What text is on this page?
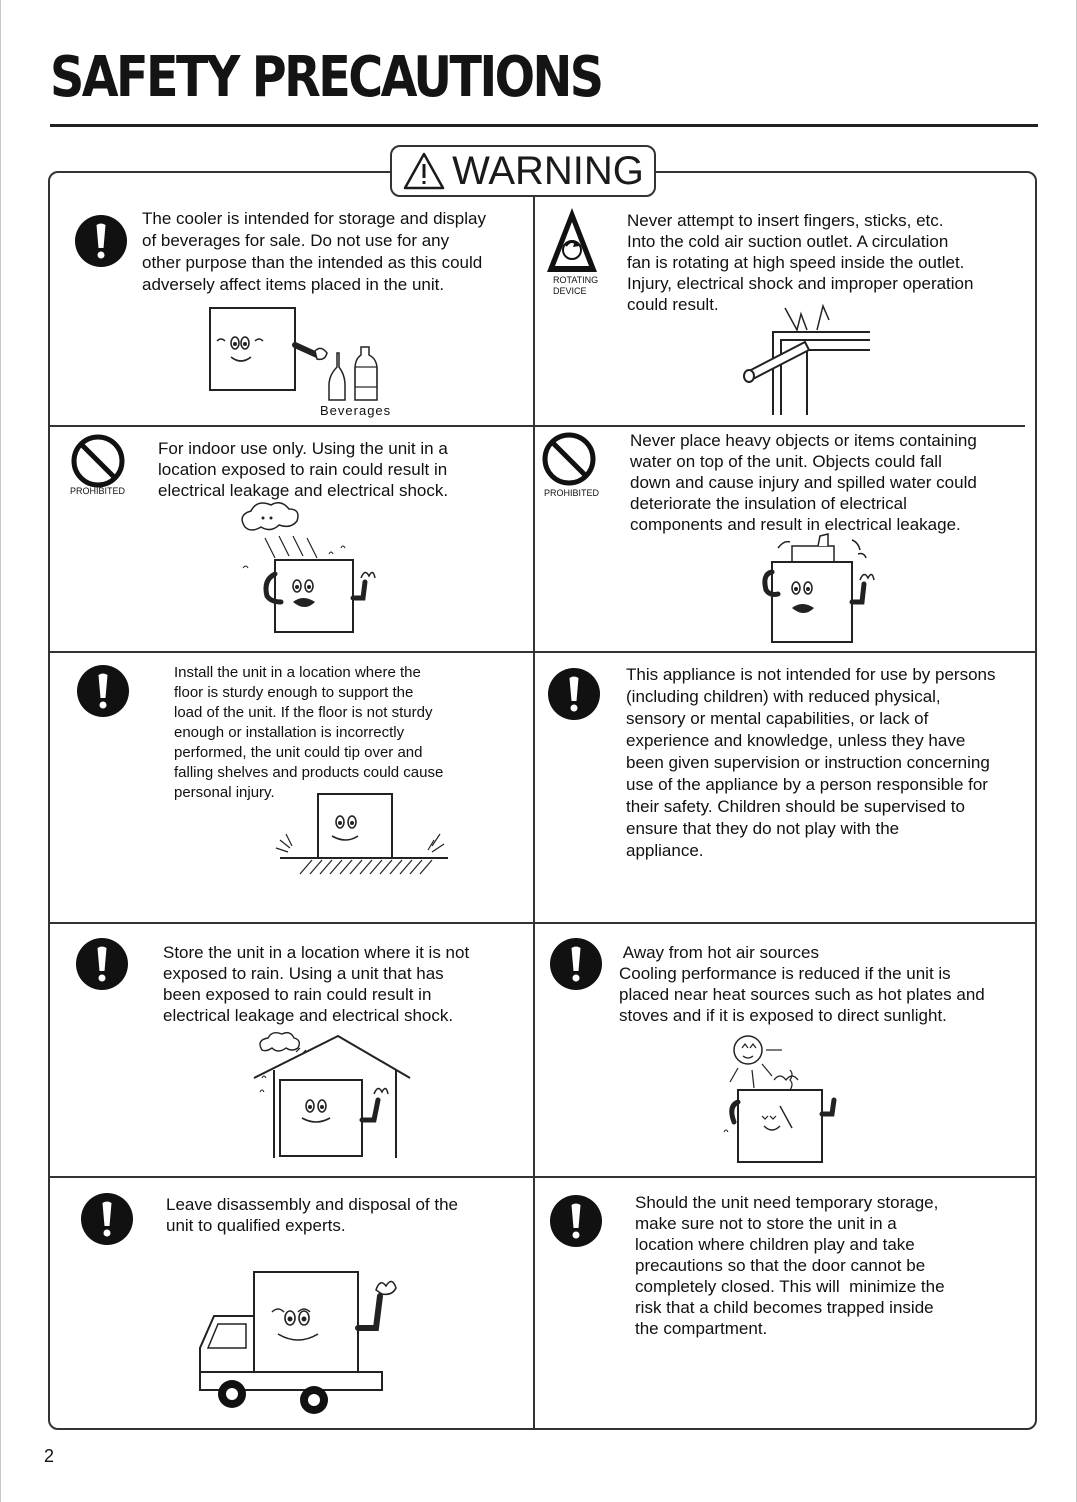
SAFETY PRECAUTIONS
WARNING
The cooler is intended for storage and display
of beverages for sale. Do not use for any
other purpose than the intended as this could
adversely affect items placed in the unit.
Beverages
ROTATING
DEVICE
Never attempt to insert fingers, sticks, etc.
Into the cold air suction outlet. A circulation
fan is rotating at high speed inside the outlet.
Injury, electrical shock and improper operation
could result.
PROHIBITED
For indoor use only. Using the unit in a
location exposed to rain could result in
electrical leakage and electrical shock.	PROHIBITED
Never place heavy objects or items containing
water on top of the unit. Objects could fall
down and cause injury and spilled water could
deteriorate the insulation of electrical
components and result in electrical leakage.
Install the unit in a location where the
floor is sturdy enough to support the
load of the unit. If the floor is not sturdy
enough or installation is incorrectly
performed, the unit could tip over and
falling shelves and products could cause
personal injury.
This appliance is not intended for use by persons
(including children) with reduced physical,
sensory or mental capabilities, or lack of
experience and knowledge, unless they have
been given supervision or instruction concerning
use of the appliance by a person responsible for
their safety. Children should be supervised to
ensure that they do not play with the
appliance.
Store the unit in a location where it is not
exposed to rain. Using a unit that has
been exposed to rain could result in
electrical leakage and electrical shock.
Away from hot air sources
Cooling performance is reduced if the unit is
placed near heat sources such as hot plates and
stoves and if it is exposed to direct sunlight.
Leave disassembly and disposal of the
unit to qualified experts.
Should the unit need temporary storage,
make sure not to store the unit in a
location where children play and take
precautions so that the door cannot be
completely closed. This will  minimize the
risk that a child becomes trapped inside
the compartment.
2
